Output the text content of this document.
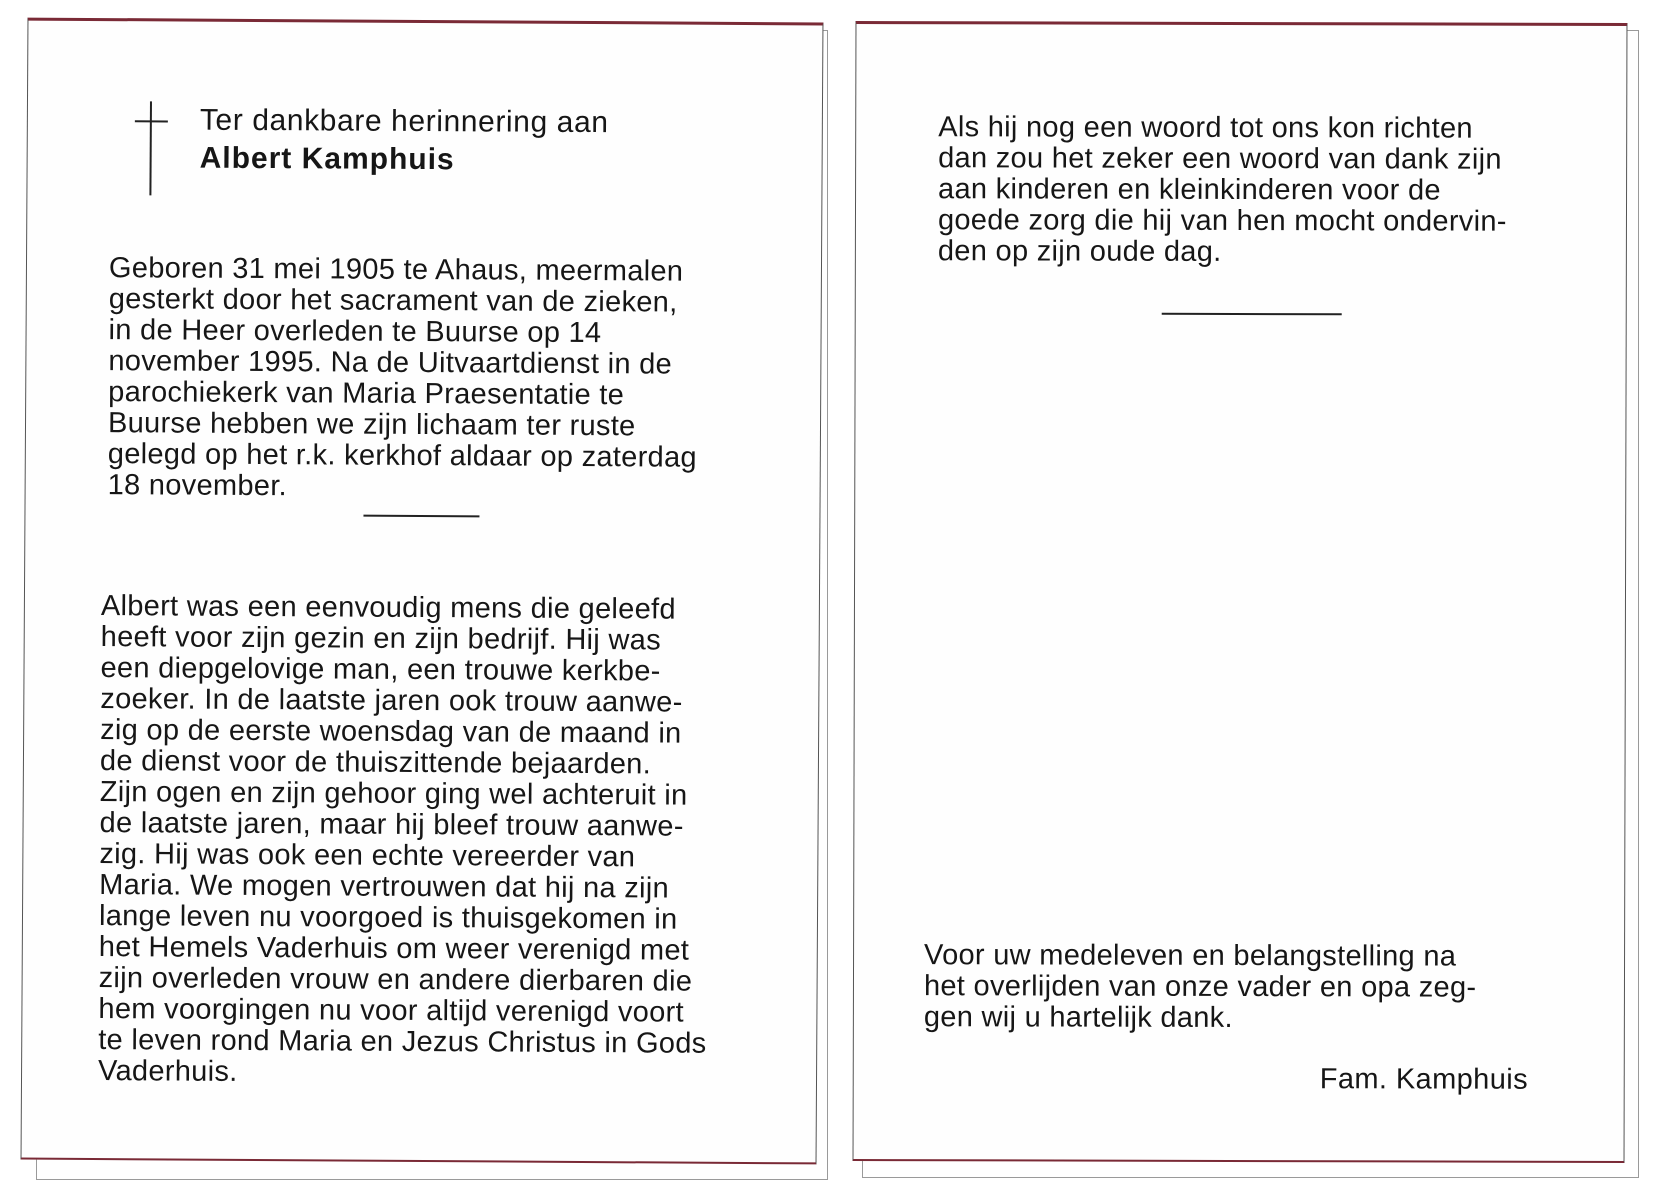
Ter dankbare herinnering aan

Albert Kamphuis

Geboren 31 mei 1905 te Ahaus, meermalen
gesterkt door het sacrament van de zieken,
in de Heer overleden te Buurse op 14
november 1995. Na de Uitvaartdienst in de
parochiekerk van Maria Praesentatie te
Buurse hebben we zijn lichaam ter ruste
gelegd op het r.k. kerkhof aldaar op zaterdag
18 november.

Albert was een eenvoudig mens die geleefd
heeft voor zijn gezin en zijn bedrijf. Hij was
een diepgelovige man, een trouwe kerkbe-
zoeker. In de laatste jaren ook trouw aanwe-
zig op de eerste woensdag van de maand in
de dienst voor de thuiszittende bejaarden.
Zijn ogen en zijn gehoor ging wel achteruit in
de laatste jaren, maar hij bleef trouw aanwe-
zig. Hij was ook een echte vereerder van
Maria. We mogen vertrouwen dat hij na zijn
lange leven nu voorgoed is thuisgekomen in
het Hemels Vaderhuis om weer verenigd met
zijn overleden vrouw en andere dierbaren die
hem voorgingen nu voor altijd verenigd voort
te leven rond Maria en Jezus Christus in Gods
Vaderhuis.

Als hij nog een woord tot ons kon richten
dan zou het zeker een woord van dank zijn
aan kinderen en kleinkinderen voor de
goede zorg die hij van hen mocht ondervin-
den op zijn oude dag.

Voor uw medeleven en belangstelling na
het overlijden van onze vader en opa zeg-
gen wij u hartelijk dank.

Fam. Kamphuis
